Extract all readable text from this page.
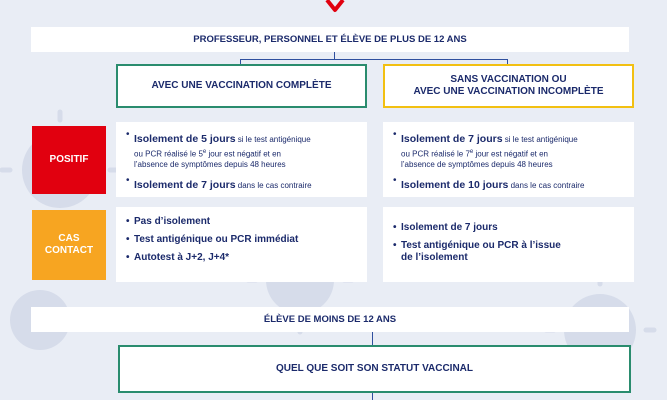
PROFESSEUR, PERSONNEL ET ÉLÈVE DE PLUS DE 12 ANS
AVEC UNE VACCINATION COMPLÈTE
SANS VACCINATION OU
AVEC UNE VACCINATION INCOMPLÈTE
POSITIF
CAS
CONTACT
• Isolement de 5 jours si le test antigénique
ou PCR réalisé le 5e jour est négatif et en
l’absence de symptômes depuis 48 heures
• Isolement de 7 jours dans le cas contraire
• Isolement de 7 jours si le test antigénique
ou PCR réalisé le 7e jour est négatif et en
l’absence de symptômes depuis 48 heures
• Isolement de 10 jours dans le cas contraire
• Pas d’isolement
• Test antigénique ou PCR immédiat
• Autotest à J+2, J+4*
• Isolement de 7 jours
• Test antigénique ou PCR à l’issue
de l’isolement
ÉLÈVE DE MOINS DE 12 ANS
QUEL QUE SOIT SON STATUT VACCINAL
